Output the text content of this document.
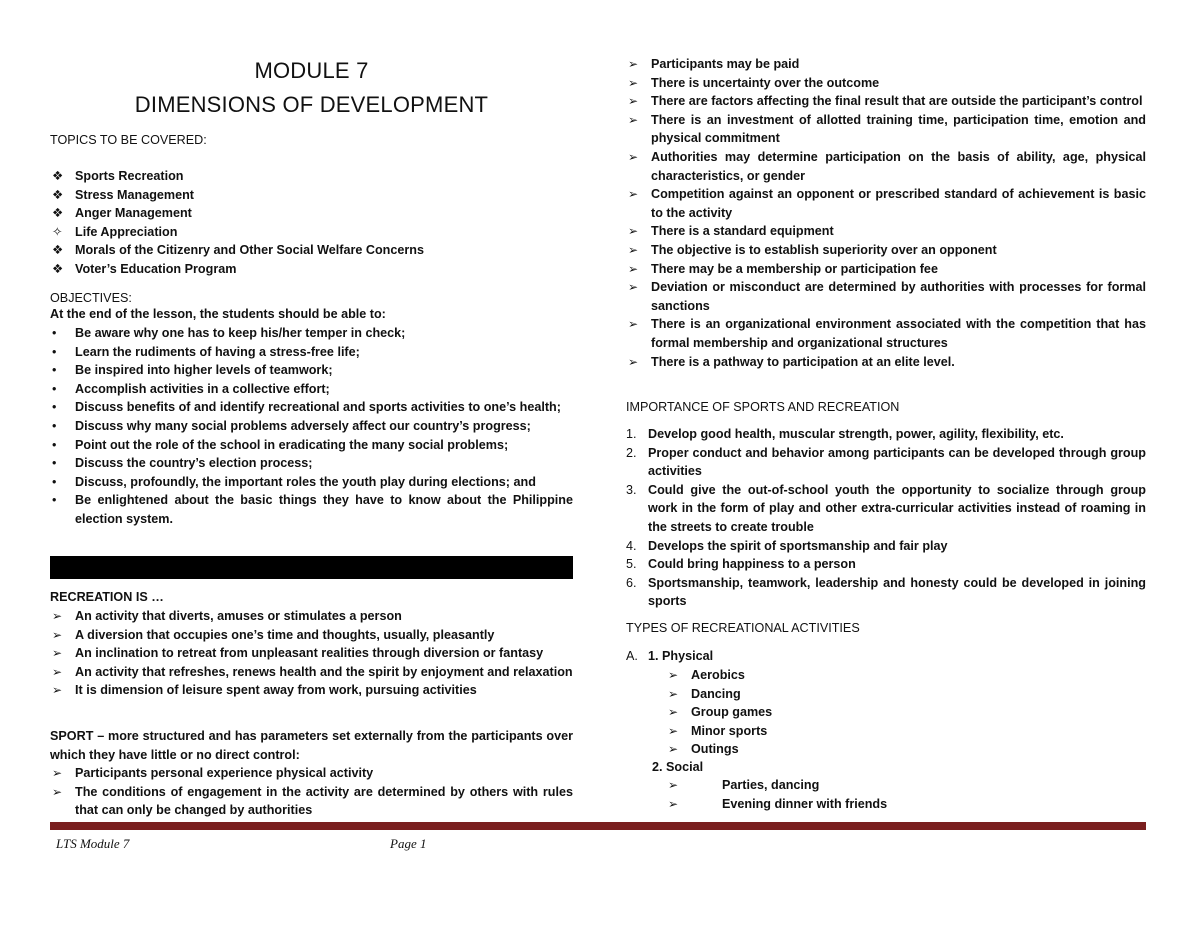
MODULE 7
DIMENSIONS OF DEVELOPMENT
TOPICS TO BE COVERED:
❖ Sports Recreation
❖ Stress Management
❖ Anger Management
✧ Life Appreciation
❖ Morals of the Citizenry and Other Social Welfare Concerns
❖ Voter’s Education Program
OBJECTIVES:
At the end of the lesson, the students should be able to:
•	Be aware why one has to keep his/her temper in check;
•	Learn the rudiments of having a stress-free life;
•	Be inspired into higher levels of teamwork;
•	Accomplish activities in a collective effort;
•	Discuss benefits of and identify recreational and sports activities to one’s health;
•	Discuss why many social problems adversely affect our country’s progress;
•	Point out the role of the school in eradicating the many social problems;
•	Discuss the country’s election process;
•	Discuss, profoundly, the important roles the youth play during elections; and
•	Be enlightened about the basic things they have to know about the Philippine election system.
RECREATION IS …
➢	An activity that diverts, amuses or stimulates a person
➢	A diversion that occupies one’s time and thoughts, usually, pleasantly
➢	An inclination to retreat from unpleasant realities through diversion or fantasy
➢	An activity that refreshes, renews health and the spirit by enjoyment and relaxation
➢	It is dimension of leisure spent away from work, pursuing activities
SPORT – more structured and has parameters set externally from the participants over which they have little or no direct control:
➢	Participants personal experience physical activity
➢	The conditions of engagement in the activity are determined by others with rules that can only be changed by authorities
➢	Participants may be paid
➢	There is uncertainty over the outcome
➢	There are factors affecting the final result that are outside the participant’s control
➢	There is an investment of allotted training time, participation time, emotion and physical commitment
➢	Authorities may determine participation on the basis of ability, age, physical characteristics, or gender
➢	Competition against an opponent or prescribed standard of achievement is basic to the activity
➢	There is a standard equipment
➢	The objective is to establish superiority over an opponent
➢	There may be a membership or participation fee
➢	Deviation or misconduct are determined by authorities with processes for formal sanctions
➢	There is an organizational environment associated with the competition that has formal membership and organizational structures
➢	There is a pathway to participation at an elite level.
IMPORTANCE OF SPORTS AND RECREATION
1. Develop good health, muscular strength, power, agility, flexibility, etc.
2. Proper conduct and behavior among participants can be developed through group activities
3. Could give the out-of-school youth the opportunity to socialize through group work in the form of play and other extra-curricular activities instead of roaming in the streets to create trouble
4. Develops the spirit of sportsmanship and fair play
5. Could bring happiness to a person
6. Sportsmanship, teamwork, leadership and honesty could be developed in joining sports
TYPES OF RECREATIONAL ACTIVITIES
A. 1. Physical
➢	Aerobics
➢	Dancing
➢	Group games
➢	Minor sports
➢	Outings
2. Social
➢	Parties, dancing
➢	Evening dinner with friends
LTS Module 7	Page 1
